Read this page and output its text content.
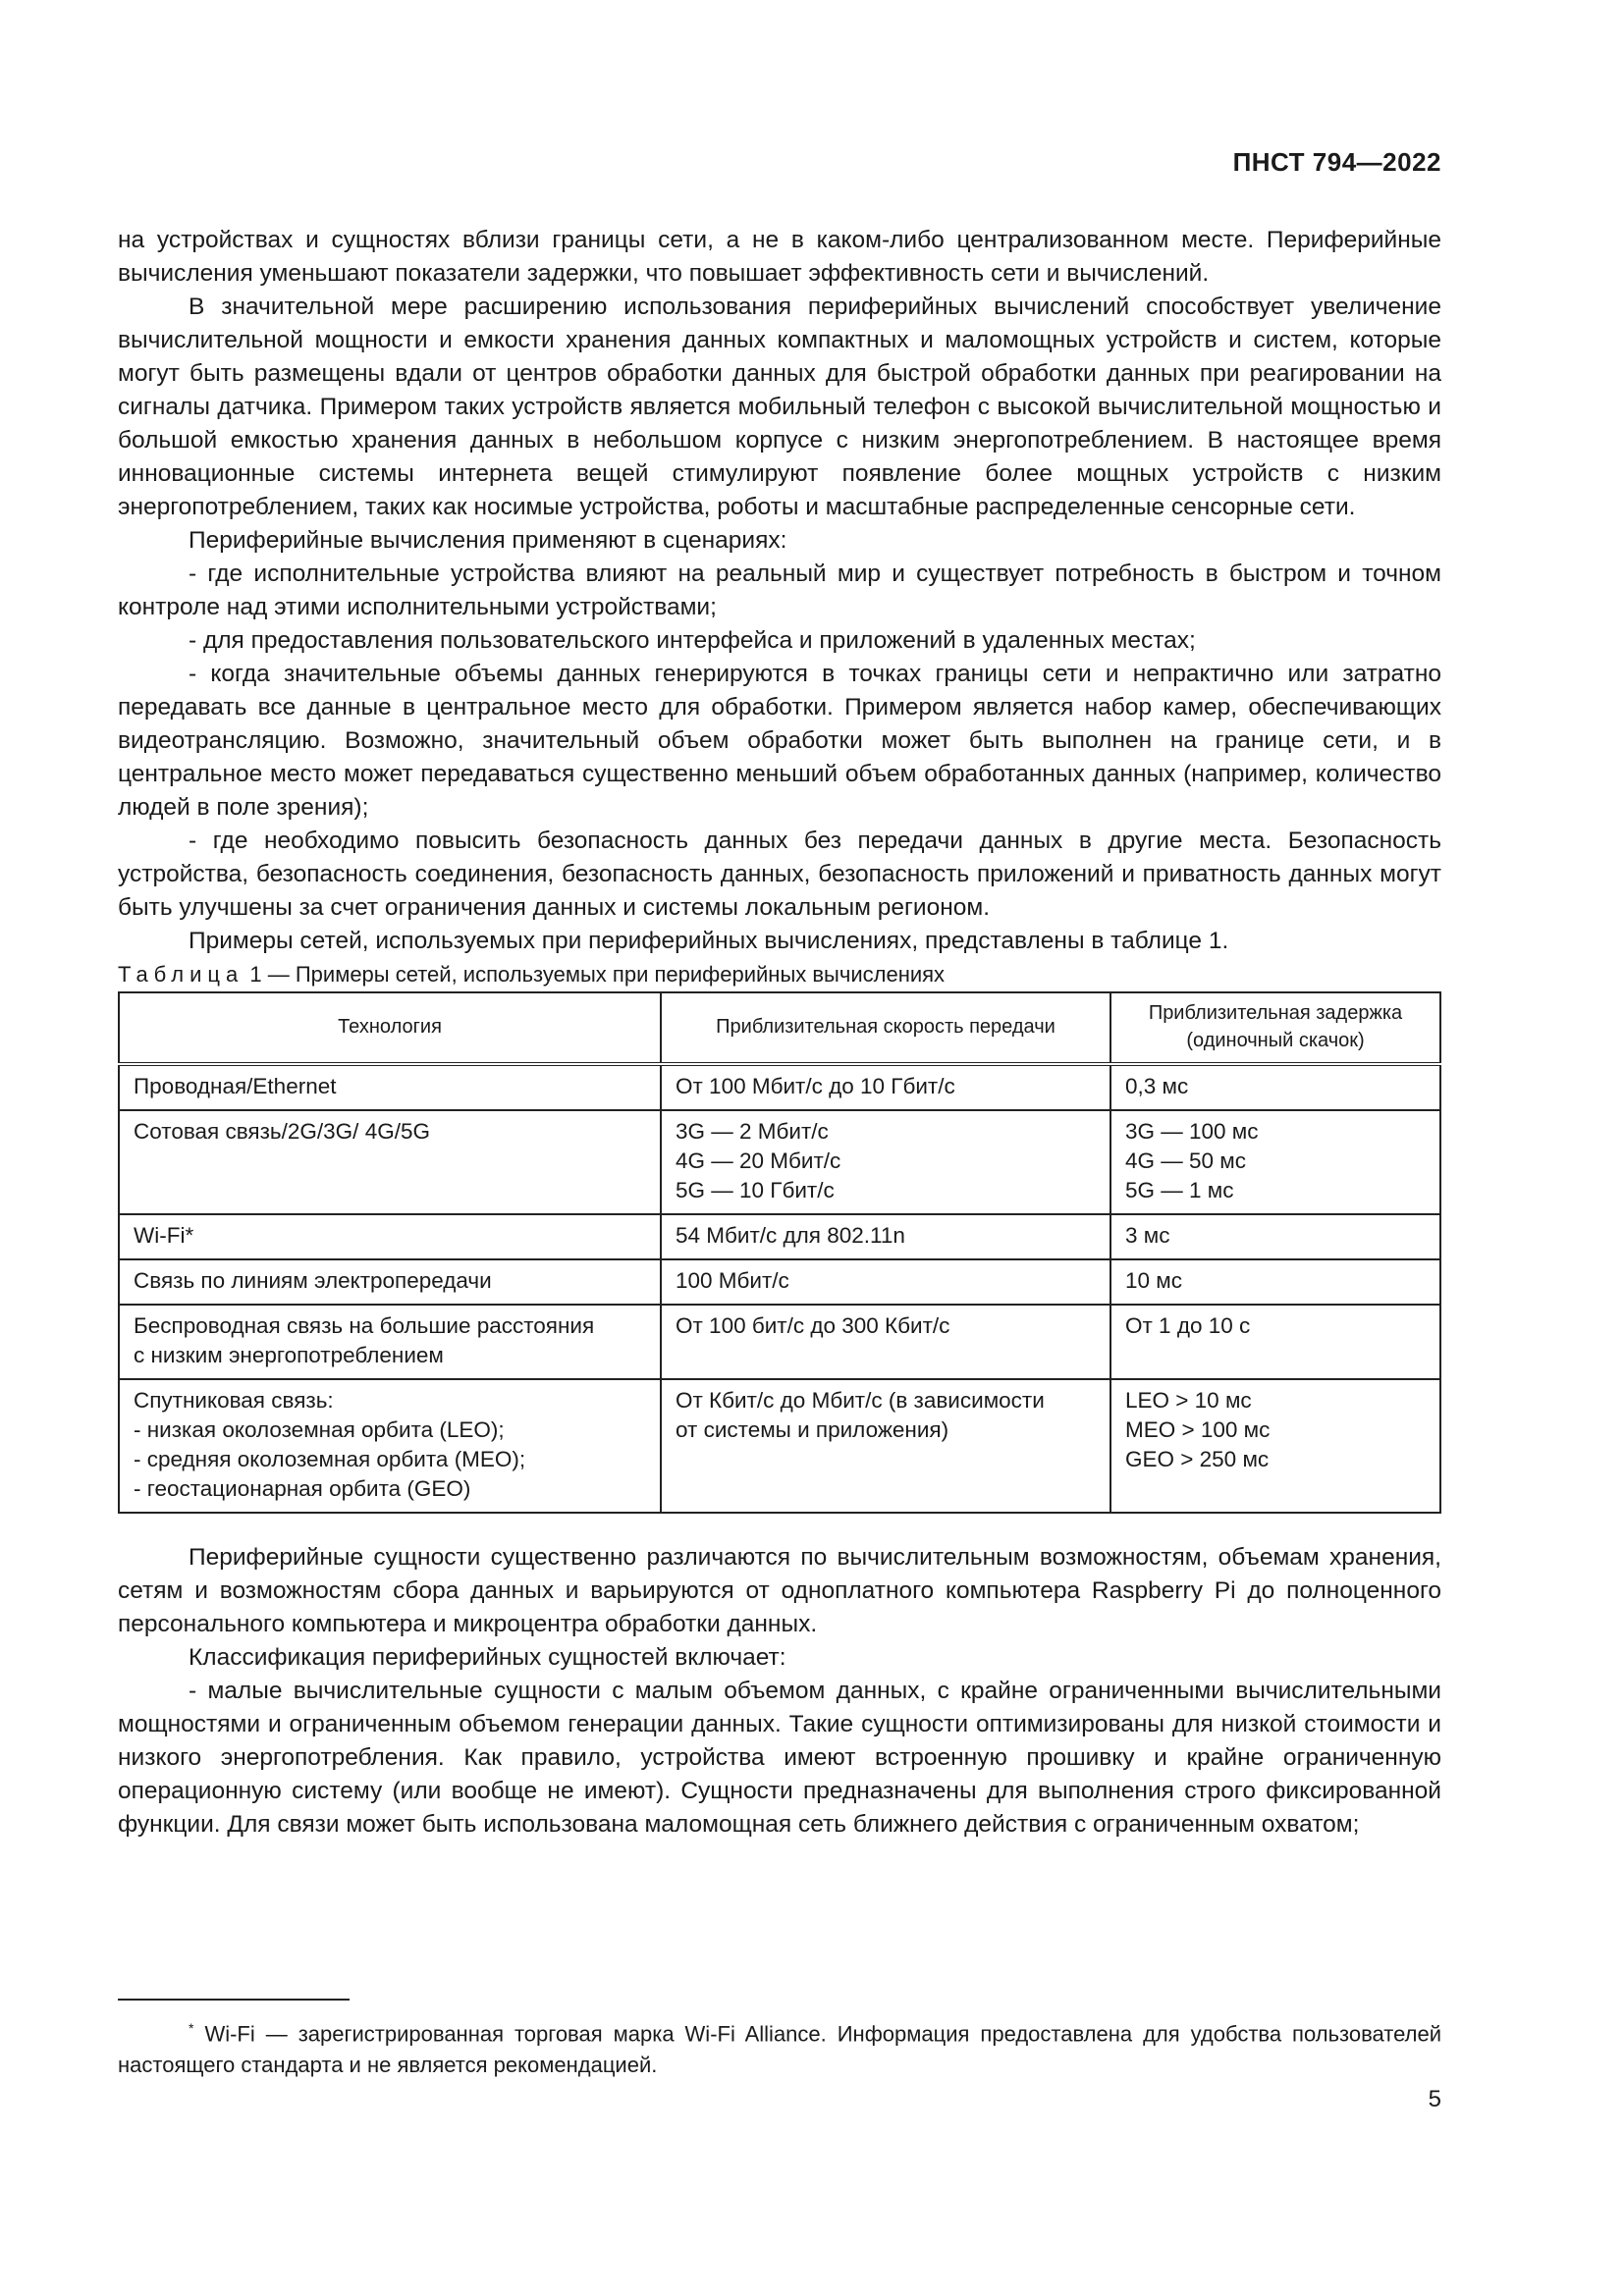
ПНСТ 794—2022

на устройствах и сущностях вблизи границы сети, а не в каком-либо централизованном месте. Периферийные вычисления уменьшают показатели задержки, что повышает эффективность сети и вычислений.

В значительной мере расширению использования периферийных вычислений способствует увеличение вычислительной мощности и емкости хранения данных компактных и маломощных устройств и систем, которые могут быть размещены вдали от центров обработки данных для быстрой обработки данных при реагировании на сигналы датчика. Примером таких устройств является мобильный телефон с высокой вычислительной мощностью и большой емкостью хранения данных в небольшом корпусе с низким энергопотреблением. В настоящее время инновационные системы интернета вещей стимулируют появление более мощных устройств с низким энергопотреблением, таких как носимые устройства, роботы и масштабные распределенные сенсорные сети.

Периферийные вычисления применяют в сценариях:

- где исполнительные устройства влияют на реальный мир и существует потребность в быстром и точном контроле над этими исполнительными устройствами;

- для предоставления пользовательского интерфейса и приложений в удаленных местах;

- когда значительные объемы данных генерируются в точках границы сети и непрактично или затратно передавать все данные в центральное место для обработки. Примером является набор камер, обеспечивающих видеотрансляцию. Возможно, значительный объем обработки может быть выполнен на границе сети, и в центральное место может передаваться существенно меньший объем обработанных данных (например, количество людей в поле зрения);

- где необходимо повысить безопасность данных без передачи данных в другие места. Безопасность устройства, безопасность соединения, безопасность данных, безопасность приложений и приватность данных могут быть улучшены за счет ограничения данных и системы локальным регионом.

Примеры сетей, используемых при периферийных вычислениях, представлены в таблице 1.

Таблица 1 — Примеры сетей, используемых при периферийных вычислениях

Технология	Приблизительная скорость передачи	Приблизительная задержка (одиночный скачок)

Проводная/Ethernet	От 100 Мбит/с до 10 Гбит/с	0,3 мс

Сотовая связь/2G/3G/ 4G/5G	3G — 2 Мбит/с
4G — 20 Мбит/с
5G — 10 Гбит/с	3G — 100 мс
4G — 50 мс
5G — 1 мс

Wi-Fi*	54 Мбит/с для 802.11n	3 мс

Связь по линиям электропередачи	100 Мбит/с	10 мс

Беспроводная связь на большие расстояния
с низким энергопотреблением	От 100 бит/с до 300 Кбит/с	От 1 до 10 с

Спутниковая связь:
- низкая околоземная орбита (LEO);
- средняя околоземная орбита (MEO);
- геостационарная орбита (GEO)	От Кбит/с до Мбит/с (в зависимости
от системы и приложения)	LEO > 10 мс
MEO > 100 мс
GEO > 250 мс

Периферийные сущности существенно различаются по вычислительным возможностям, объемам хранения, сетям и возможностям сбора данных и варьируются от одноплатного компьютера Raspberry Pi до полноценного персонального компьютера и микроцентра обработки данных.

Классификация периферийных сущностей включает:

- малые вычислительные сущности с малым объемом данных, с крайне ограниченными вычислительными мощностями и ограниченным объемом генерации данных. Такие сущности оптимизированы для низкой стоимости и низкого энергопотребления. Как правило, устройства имеют встроенную прошивку и крайне ограниченную операционную систему (или вообще не имеют). Сущности предназначены для выполнения строго фиксированной функции. Для связи может быть использована маломощная сеть ближнего действия с ограниченным охватом;

* Wi-Fi — зарегистрированная торговая марка Wi-Fi Alliance. Информация предоставлена для удобства пользователей настоящего стандарта и не является рекомендацией.
5
